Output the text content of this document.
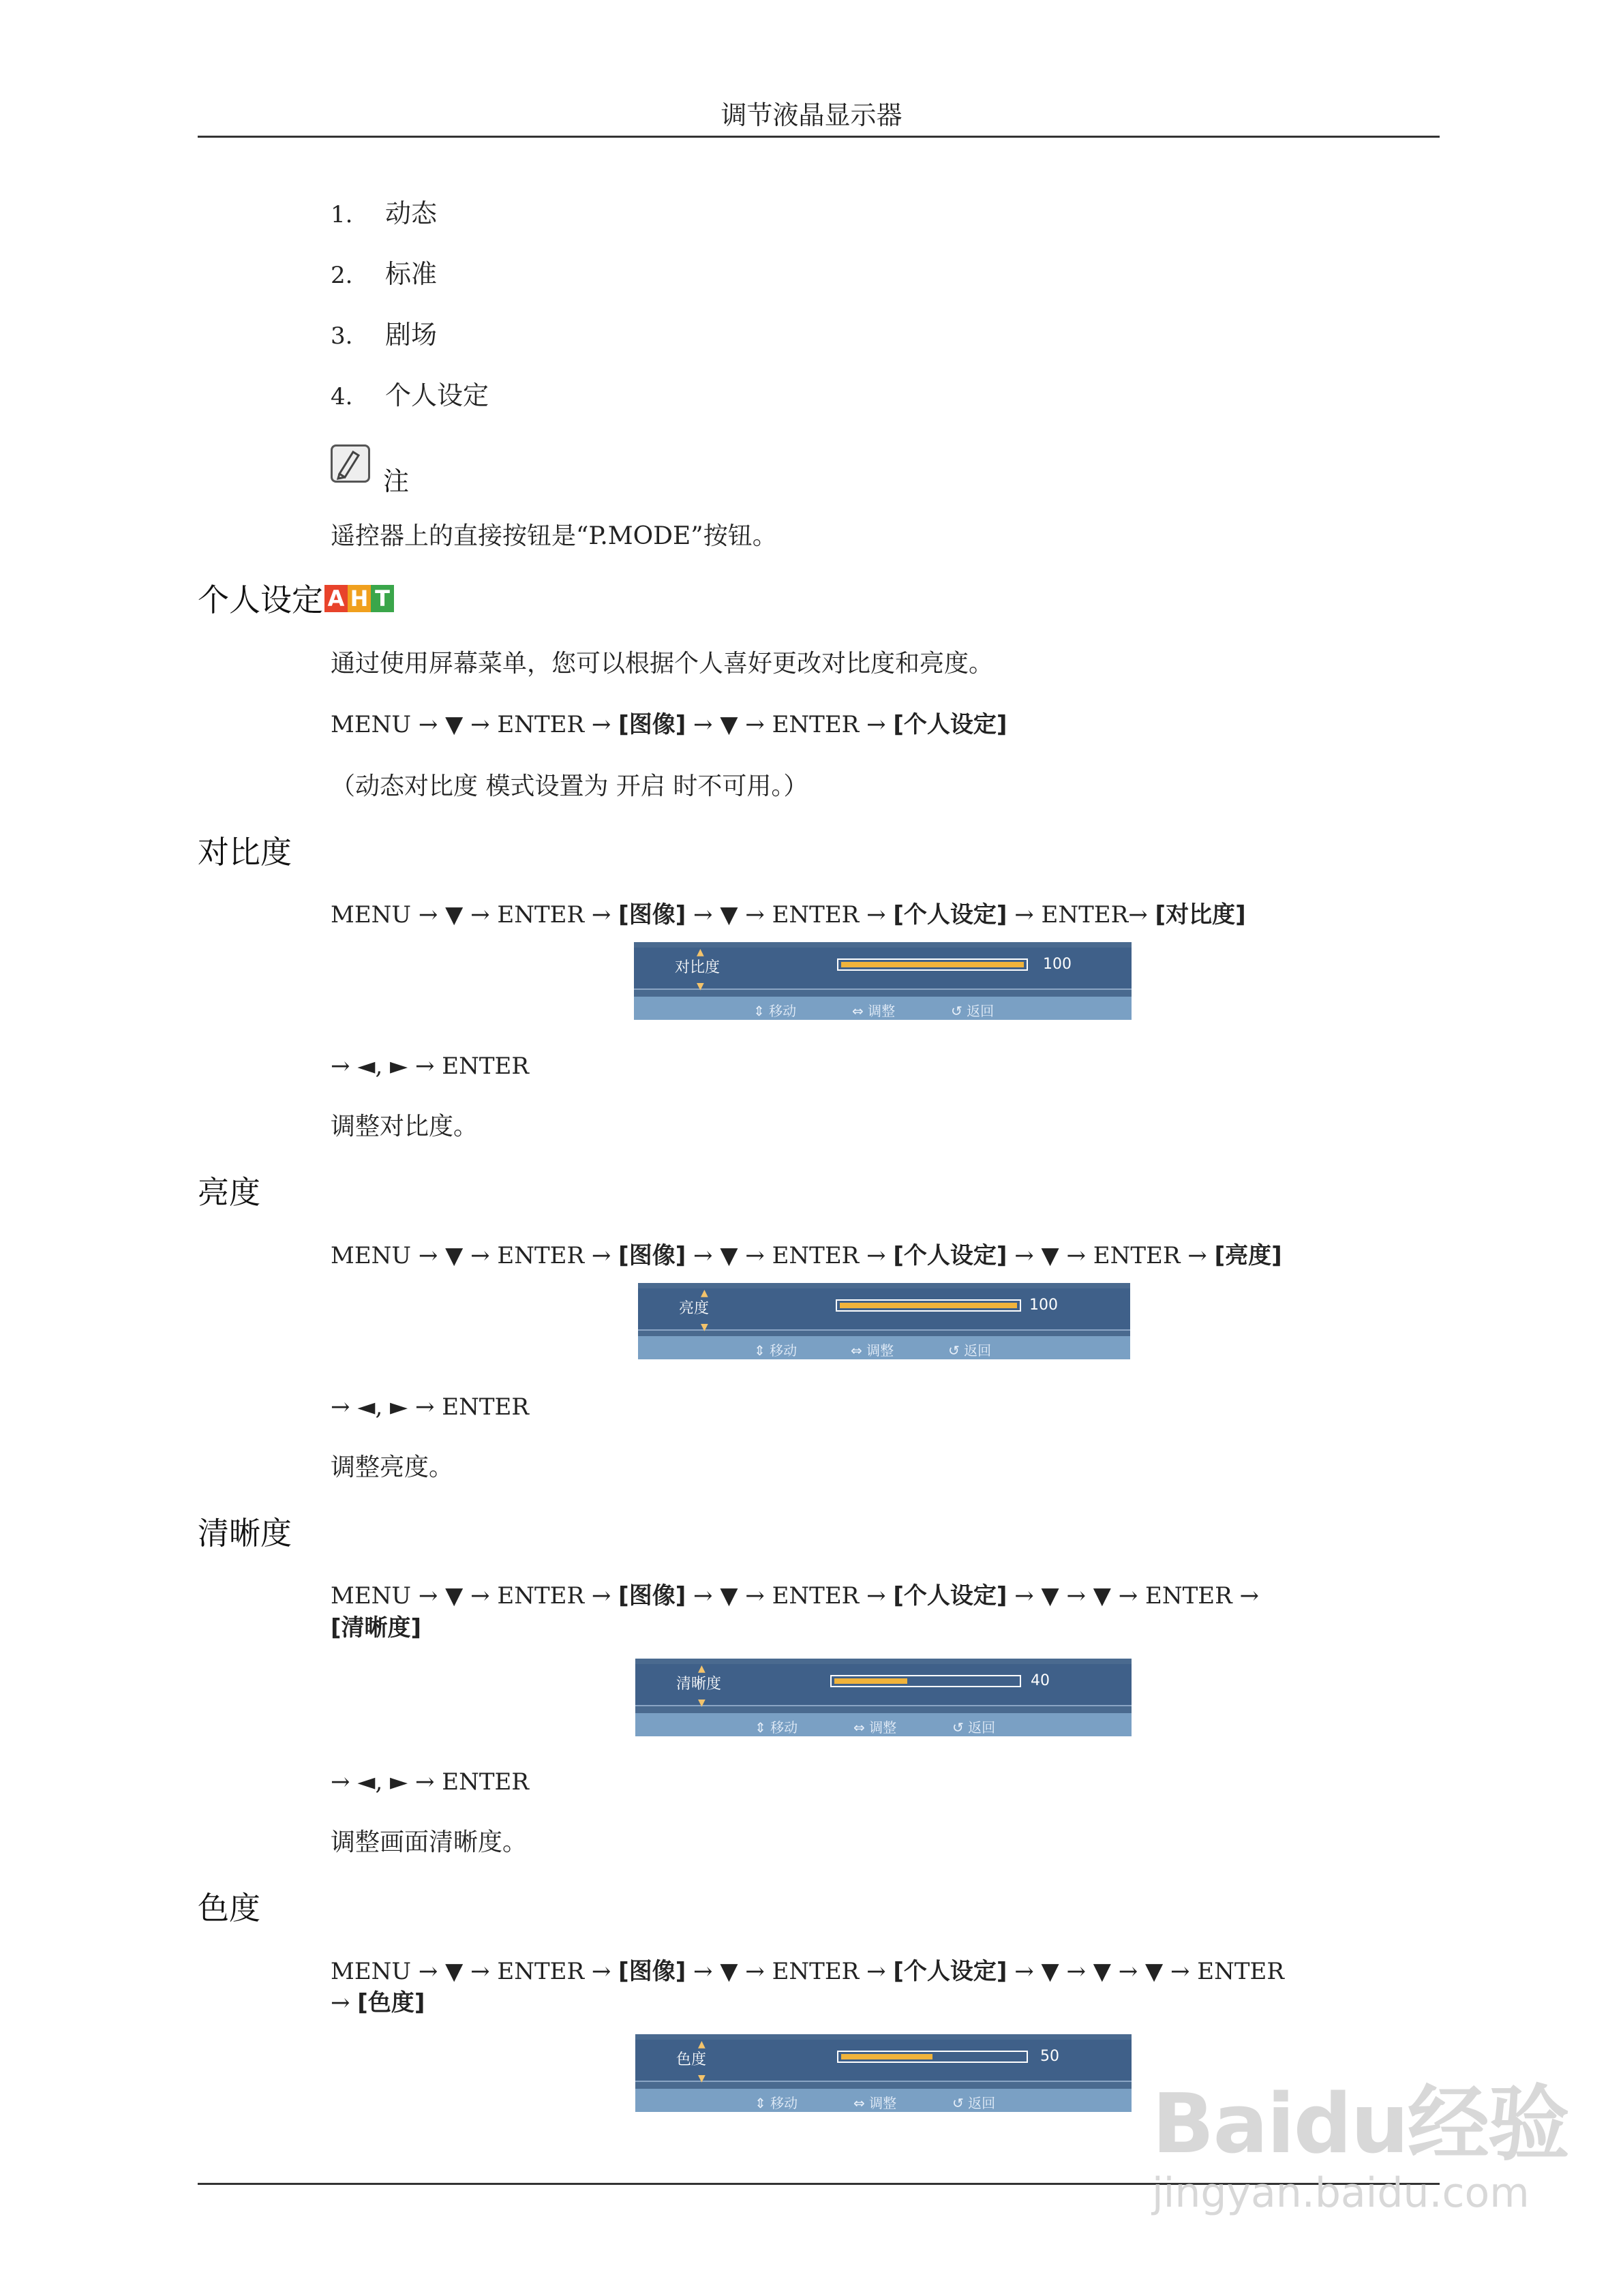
调节液晶显示器
1. 动态
2. 标准
3. 剧场
4. 个人设定
注
遥控器上的直接按钮是“P.MODE”按钮。
个人设定 A H T
通过使用屏幕菜单，您可以根据个人喜好更改对比度和亮度。
MENU → ▼ → ENTER → [图像] → ▼ → ENTER → [个人设定]
（动态对比度 模式设置为 开启 时不可用。）
对比度
MENU → ▼ → ENTER → [图像] → ▼ → ENTER → [个人设定] → ENTER→ [对比度]
▲
对比度
▼
100
⇕ 移动	⇔ 调整	↺ 返回
→ ◄, ► → ENTER
调整对比度。
亮度
MENU → ▼ → ENTER → [图像] → ▼ → ENTER → [个人设定] → ▼ → ENTER → [亮度]
▲
亮度
▼
100
⇕ 移动	⇔ 调整	↺ 返回
→ ◄, ► → ENTER
调整亮度。
清晰度
MENU → ▼ → ENTER → [图像] → ▼ → ENTER → [个人设定] → ▼ → ▼ → ENTER →
[清晰度]
▲
清晰度
▼
40
⇕ 移动	⇔ 调整	↺ 返回
→ ◄, ► → ENTER
调整画面清晰度。
色度
MENU → ▼ → ENTER → [图像] → ▼ → ENTER → [个人设定] → ▼ → ▼ → ▼ → ENTER
→ [色度]
▲
色度
▼
50
⇕ 移动	⇔ 调整	↺ 返回 Baidu经验
jingyan.baidu.com
